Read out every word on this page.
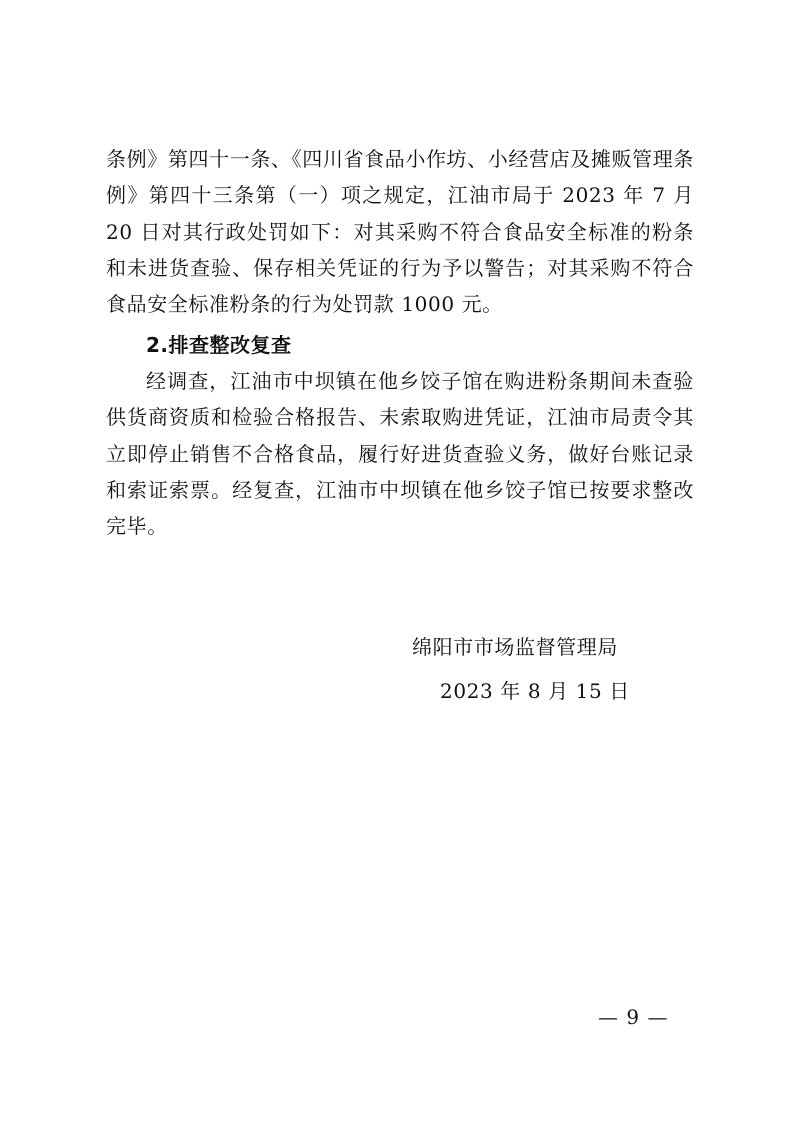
条例》第四十一条、《四川省食品小作坊、小经营店及摊贩管理条例》第四十三条第（一）项之规定，江油市局于 2023 年 7 月 20 日对其行政处罚如下：对其采购不符合食品安全标准的粉条和未进货查验、保存相关凭证的行为予以警告；对其采购不符合食品安全标准粉条的行为处罚款 1000 元。

2.排查整改复查

经调查，江油市中坝镇在他乡饺子馆在购进粉条期间未查验供货商资质和检验合格报告、未索取购进凭证，江油市局责令其立即停止销售不合格食品，履行好进货查验义务，做好台账记录和索证索票。经复查，江油市中坝镇在他乡饺子馆已按要求整改完毕。

绵阳市市场监督管理局
2023 年 8 月 15 日
— 9 —
